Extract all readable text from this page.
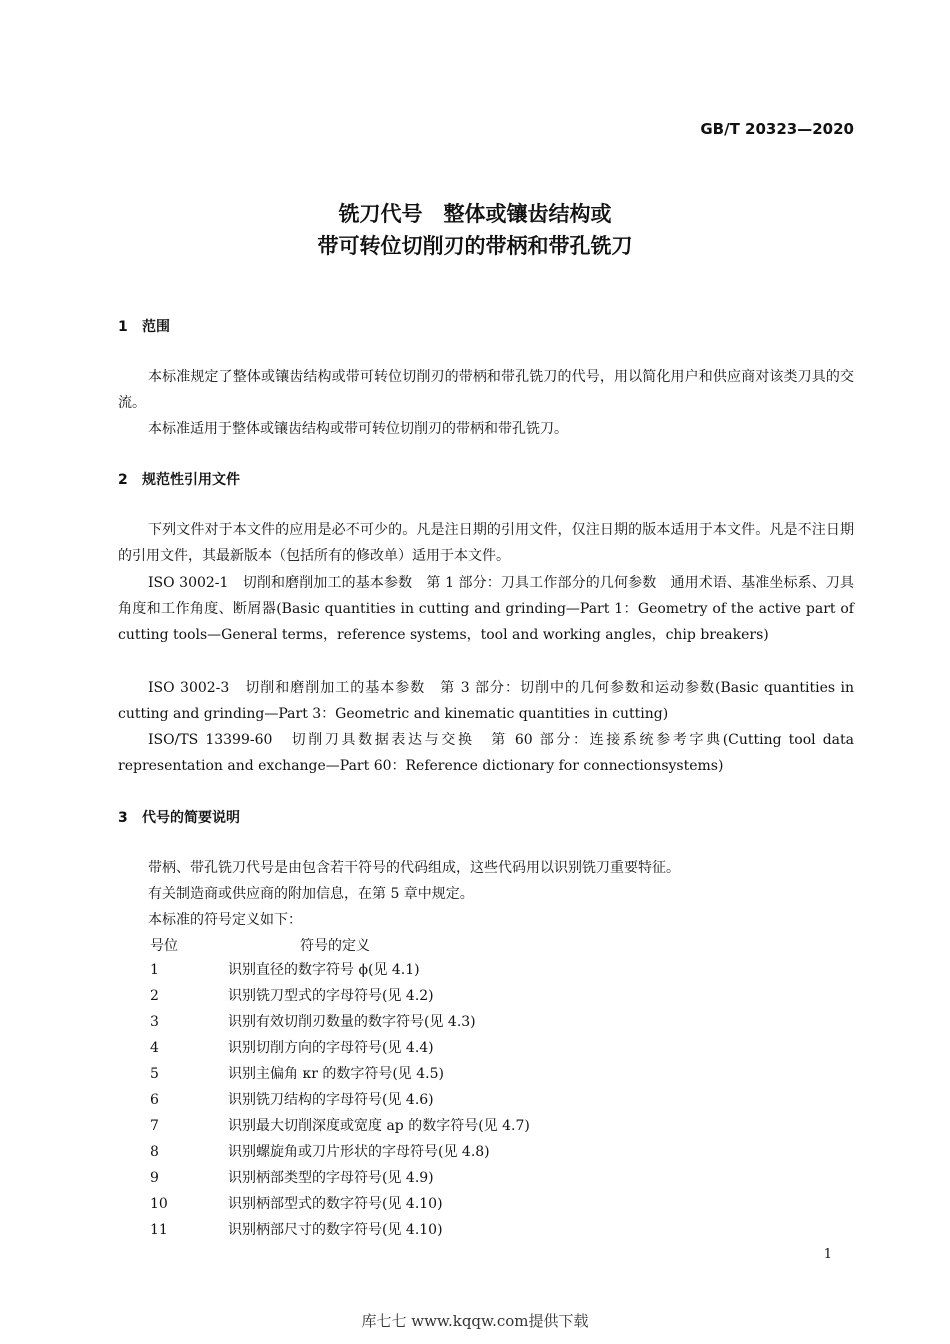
GB/T 20323—2020
铣刀代号　整体或镶齿结构或
带可转位切削刃的带柄和带孔铣刀
1 范围
本标准规定了整体或镶齿结构或带可转位切削刃的带柄和带孔铣刀的代号，用以简化用户和供应商对该类刀具的交流。
本标准适用于整体或镶齿结构或带可转位切削刃的带柄和带孔铣刀。
2 规范性引用文件
下列文件对于本文件的应用是必不可少的。凡是注日期的引用文件，仅注日期的版本适用于本文件。凡是不注日期的引用文件，其最新版本（包括所有的修改单）适用于本文件。
ISO 3002-1　切削和磨削加工的基本参数　第 1 部分：刀具工作部分的几何参数　通用术语、基准坐标系、刀具角度和工作角度、断屑器(Basic quantities in cutting and grinding—Part 1：Geometry of the active part of cutting tools—General terms，reference systems，tool and working angles，chip breakers)
ISO 3002-3　切削和磨削加工的基本参数　第 3 部分：切削中的几何参数和运动参数(Basic quantities in cutting and grinding—Part 3：Geometric and kinematic quantities in cutting)
ISO/TS 13399-60　切削刀具数据表达与交换　第 60 部分：连接系统参考字典(Cutting tool data representation and exchange—Part 60：Reference dictionary for connectionsystems)
3 代号的简要说明
带柄、带孔铣刀代号是由包含若干符号的代码组成，这些代码用以识别铣刀重要特征。
有关制造商或供应商的附加信息，在第 5 章中规定。
本标准的符号定义如下：
号位	符号的定义
1	识别直径的数字符号 ϕ(见 4.1)
2	识别铣刀型式的字母符号(见 4.2)
3	识别有效切削刃数量的数字符号(见 4.3)
4	识别切削方向的字母符号(见 4.4)
5	识别主偏角 κr 的数字符号(见 4.5)
6	识别铣刀结构的字母符号(见 4.6)
7	识别最大切削深度或宽度 ap 的数字符号(见 4.7)
8	识别螺旋角或刀片形状的字母符号(见 4.8)
9	识别柄部类型的字母符号(见 4.9)
10	识别柄部型式的数字符号(见 4.10)
11	识别柄部尺寸的数字符号(见 4.10)
1
库七七 www.kqqw.com提供下载
